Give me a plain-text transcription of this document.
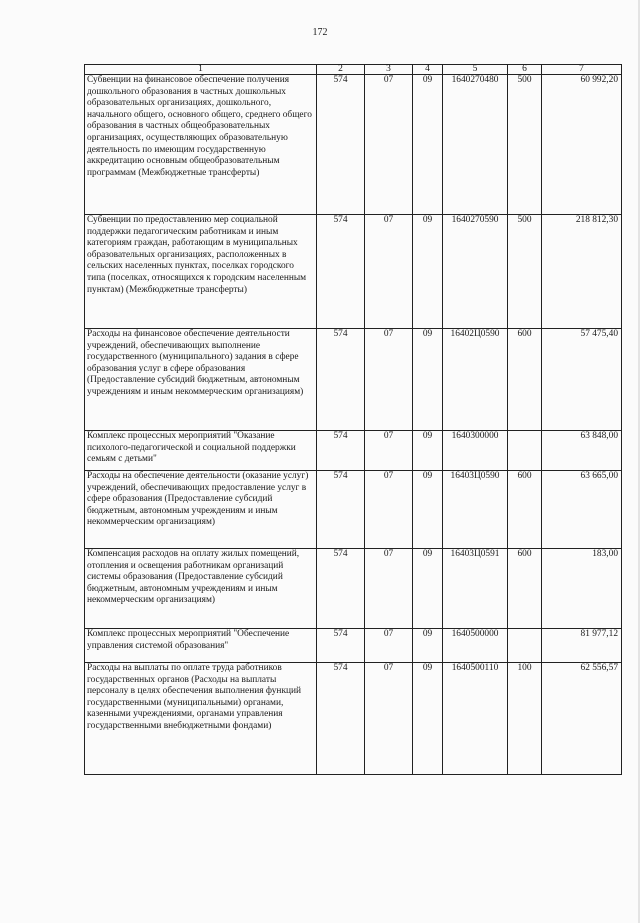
172
1	2	3	4	5	6	7
Субвенции на финансовое обеспечение получения дошкольного образования в частных дошкольных образовательных организациях, дошкольного, начального общего, основного общего, среднего общего образования в частных общеобразовательных организациях, осуществляющих образовательную деятельность по имеющим государственную аккредитацию основным общеобразовательным программам (Межбюджетные трансферты)	574	07	09	1640270480	500	60 992,20
Субвенции по предоставлению мер социальной поддержки педагогическим работникам и иным категориям граждан, работающим в муниципальных образовательных организациях, расположенных в сельских населенных пунктах, поселках городского типа (поселках, относящихся к городским населенным пунктам) (Межбюджетные трансферты)	574	07	09	1640270590	500	218 812,30
Расходы на финансовое обеспечение деятельности учреждений, обеспечивающих выполнение государственного (муниципального) задания в сфере образования услуг в сфере образования (Предоставление субсидий бюджетным, автономным учреждениям и иным некоммерческим организациям)	574	07	09	16402Ц0590	600	57 475,40
Комплекс процессных мероприятий "Оказание психолого-педагогической и социальной поддержки семьям с детьми"	574	07	09	1640300000		63 848,00
Расходы на обеспечение деятельности (оказание услуг) учреждений, обеспечивающих предоставление услуг в сфере образования (Предоставление субсидий бюджетным, автономным учреждениям и иным некоммерческим организациям)	574	07	09	16403Ц0590	600	63 665,00
Компенсация расходов на оплату жилых помещений, отопления и освещения работникам организаций системы образования (Предоставление субсидий бюджетным, автономным учреждениям и иным некоммерческим организациям)	574	07	09	16403Ц0591	600	183,00
Комплекс процессных мероприятий "Обеспечение управления системой образования"	574	07	09	1640500000		81 977,12
Расходы на выплаты по оплате труда работников государственных органов (Расходы на выплаты персоналу в целях обеспечения выполнения функций государственными (муниципальными) органами, казенными учреждениями, органами управления государственными внебюджетными фондами)	574	07	09	1640500110	100	62 556,57
